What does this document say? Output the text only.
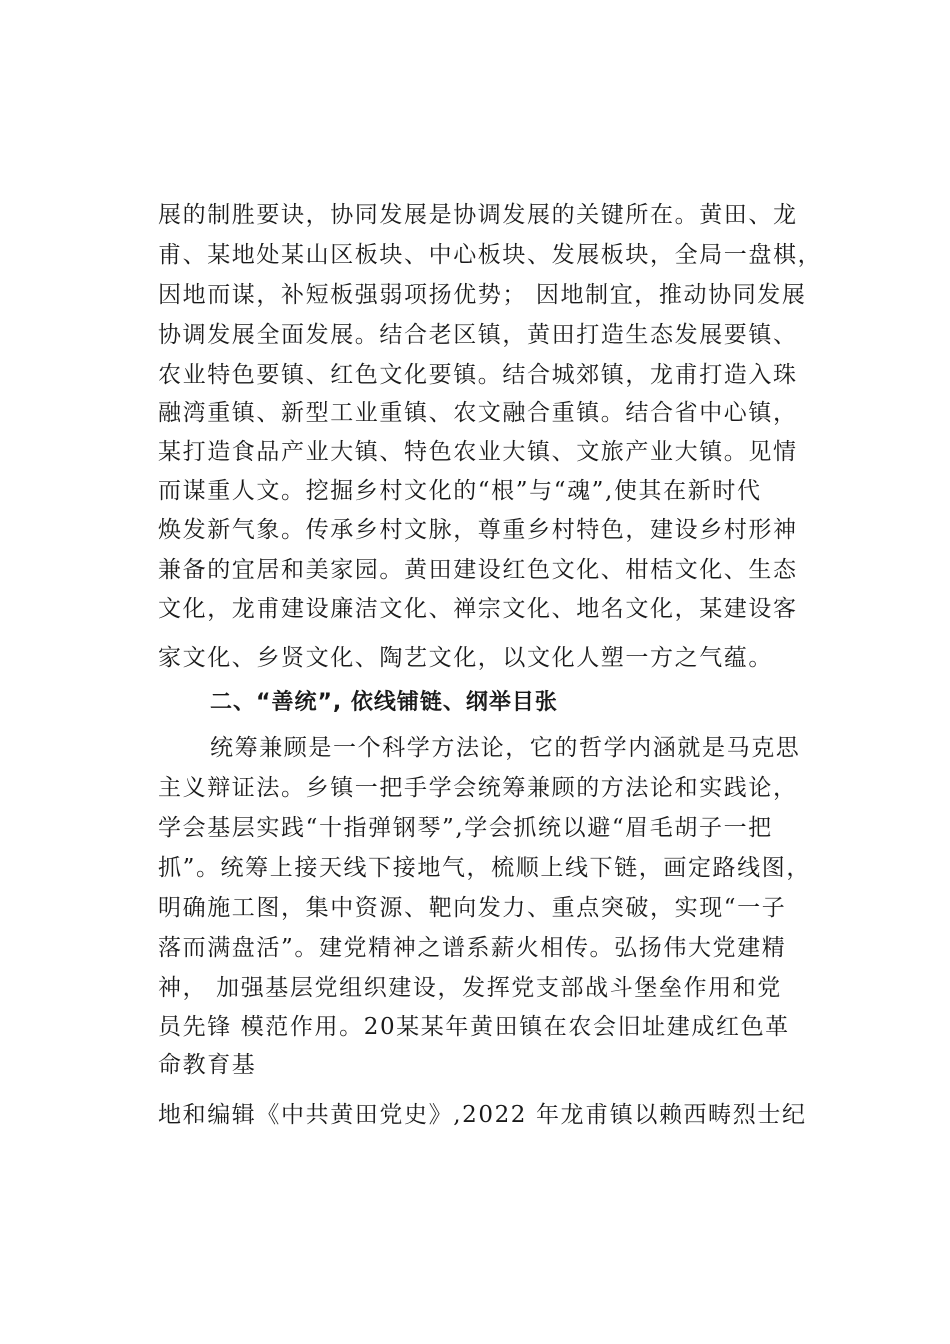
展的制胜要诀，协同发展是协调发展的关键所在。黄田、龙
甫、某地处某山区板块、中心板块、发展板块，全局一盘棋，
因地而谋，补短板强弱项扬优势； 因地制宜，推动协同发展
协调发展全面发展。结合老区镇，黄田打造生态发展要镇、
农业特色要镇、红色文化要镇。结合城郊镇，龙甫打造入珠
融湾重镇、新型工业重镇、农文融合重镇。结合省中心镇，
某打造食品产业大镇、特色农业大镇、文旅产业大镇。见情
而谋重人文。挖掘乡村文化的“根”与“魂”,使其在新时代
焕发新气象。传承乡村文脉，尊重乡村特色，建设乡村形神
兼备的宜居和美家园。黄田建设红色文化、柑桔文化、生态
文化，龙甫建设廉洁文化、禅宗文化、地名文化，某建设客
家文化、乡贤文化、陶艺文化，以文化人塑一方之气蕴。
二、“善统”, 依线铺链、纲举目张
统筹兼顾是一个科学方法论，它的哲学内涵就是马克思
主义辩证法。乡镇一把手学会统筹兼顾的方法论和实践论，
学会基层实践“十指弹钢琴”,学会抓统以避“眉毛胡子一把
抓”。统筹上接天线下接地气，梳顺上线下链，画定路线图，
明确施工图，集中资源、靶向发力、重点突破，实现“一子
落而满盘活”。建党精神之谱系薪火相传。弘扬伟大党建精
神， 加强基层党组织建设，发挥党支部战斗堡垒作用和党
员先锋 模范作用。20某某年黄田镇在农会旧址建成红色革
命教育基
地和编辑《中共黄田党史》,2022 年龙甫镇以赖西畴烈士纪
